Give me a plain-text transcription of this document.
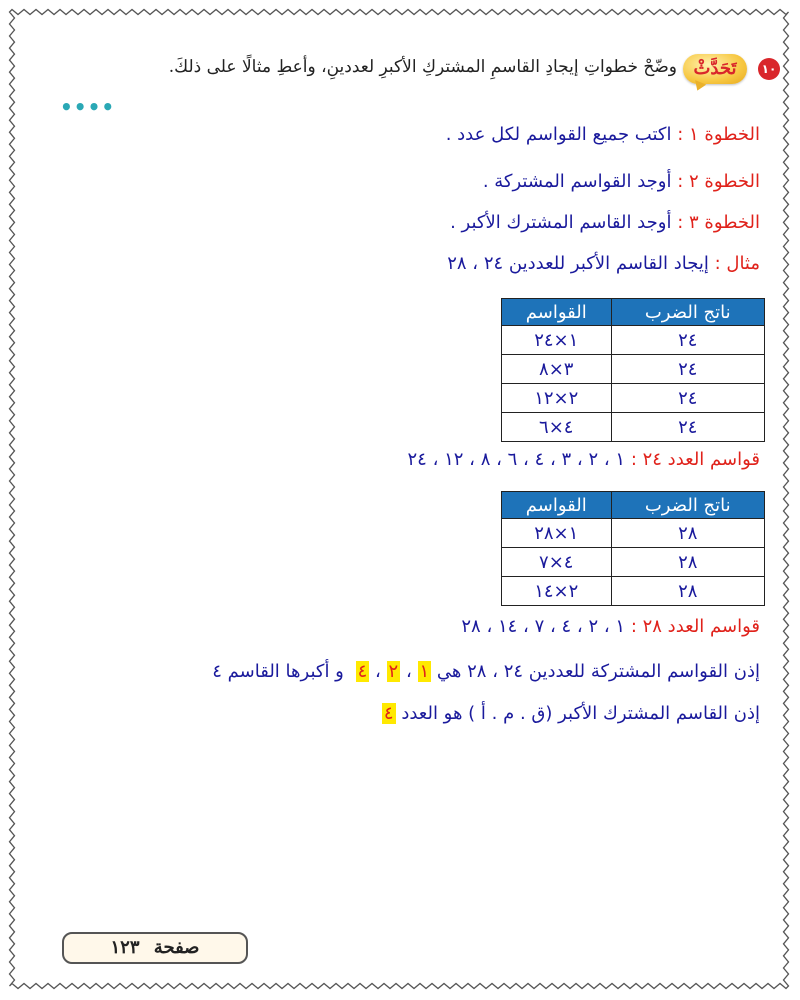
١٠
تَحَدَّثْ
وضّحْ خطواتِ إيجادِ القاسمِ المشتركِ الأكبرِ لعددينِ، وأعطِ مثالًا على ذلكَ.
••••
الخطوة ١ : اكتب جميع القواسم لكل عدد .
الخطوة ٢ : أوجد القواسم المشتركة .
الخطوة ٣ : أوجد القاسم المشترك الأكبر .
مثال : إيجاد القاسم الأكبر للعددين ٢٤ ، ٢٨
ناتج الضرب	القواسم
٢٤	١×٢٤
٢٤	٣×٨
٢٤	٢×١٢
٢٤	٤×٦
قواسم العدد ٢٤ : ١ ، ٢ ، ٣ ، ٤ ، ٦ ، ٨ ، ١٢ ، ٢٤
ناتج الضرب	القواسم
٢٨	١×٢٨
٢٨	٤×٧
٢٨	٢×١٤
قواسم العدد ٢٨ : ١ ، ٢ ، ٤ ، ٧ ، ١٤ ، ٢٨
إذن القواسم المشتركة للعددين ٢٤ ، ٢٨ هي ١ ، ٢ ، ٤ و أكبرها القاسم ٤
إذن القاسم المشترك الأكبر (ق . م . أ ) هو العدد ٤
صفحة ١٢٣
